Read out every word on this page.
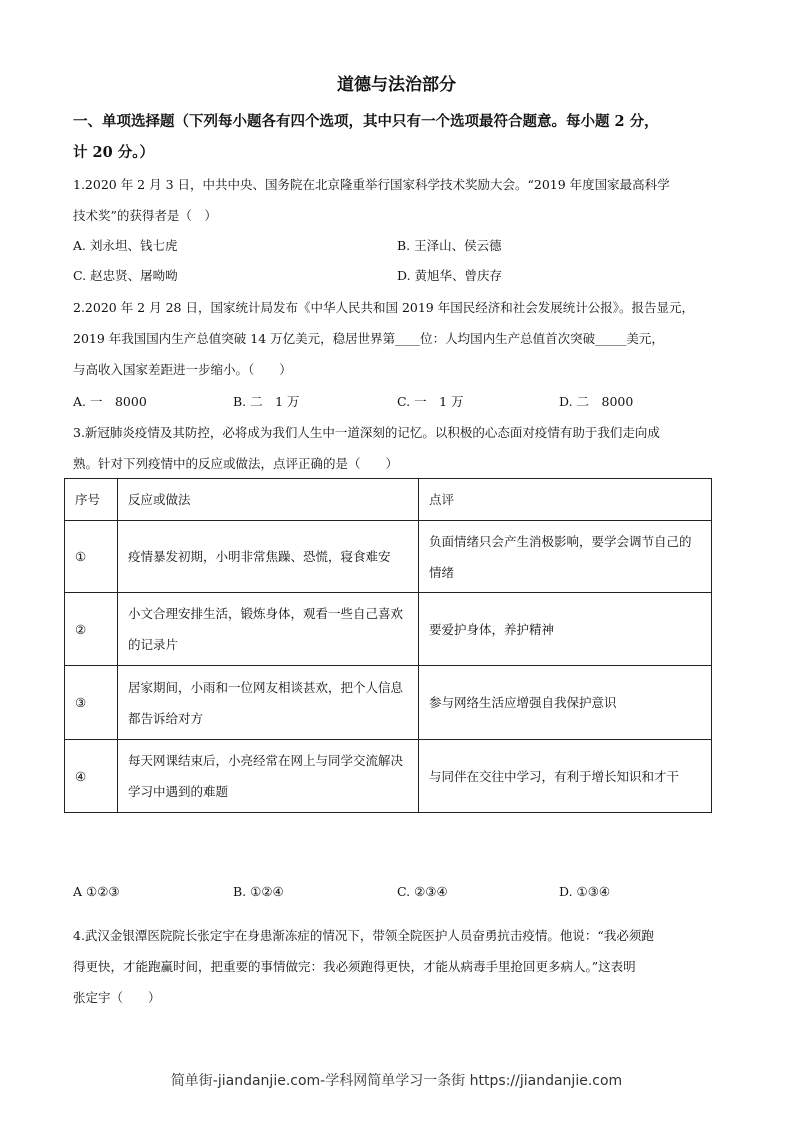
道德与法治部分
一、单项选择题（下列每小题各有四个选项，其中只有一个选项最符合题意。每小题 2 分，
计 20 分。）
1.2020 年 2 月 3 日，中共中央、国务院在北京隆重举行国家科学技术奖励大会。“2019 年度国家最高科学
技术奖”的获得者是（　）
A. 刘永坦、钱七虎	B. 王泽山、侯云德
C. 赵忠贤、屠呦呦	D. 黄旭华、曾庆存
2.2020 年 2 月 28 日，国家统计局发布《中华人民共和国 2019 年国民经济和社会发展统计公报》。报告显元，
2019 年我国国内生产总值突破 14 万亿美元，稳居世界第____位：人均国内生产总值首次突破_____美元，
与高收入国家差距进一步缩小。（　　）
A. 一　8000	B. 二　1 万	C. 一　1 万	D. 二　8000
3.新冠肺炎疫情及其防控，必将成为我们人生中一道深刻的记忆。以积极的心态面对疫情有助于我们走向成
熟。针对下列疫情中的反应或做法，点评正确的是（　　）
序号	反应或做法	点评
①	疫情暴发初期，小明非常焦躁、恐慌，寝食难安	负面情绪只会产生消极影响，要学会调节自己的情绪
②	小文合理安排生活，锻炼身体，观看一些自己喜欢的记录片	要爱护身体，养护精神
③	居家期间，小雨和一位网友相谈甚欢，把个人信息都告诉给对方	参与网络生活应增强自我保护意识
④	每天网课结束后，小亮经常在网上与同学交流解决学习中遇到的难题	与同伴在交往中学习，有利于增长知识和才干
A ①②③	B. ①②④	C. ②③④	D. ①③④
4.武汉金银潭医院院长张定宇在身患渐冻症的情况下，带领全院医护人员奋勇抗击疫情。他说：“我必须跑
得更快，才能跑赢时间，把重要的事情做完：我必须跑得更快，才能从病毒手里抢回更多病人。”这表明
张定宇（　　）
简单街-jiandanjie.com-学科网简单学习一条街 https://jiandanjie.com
